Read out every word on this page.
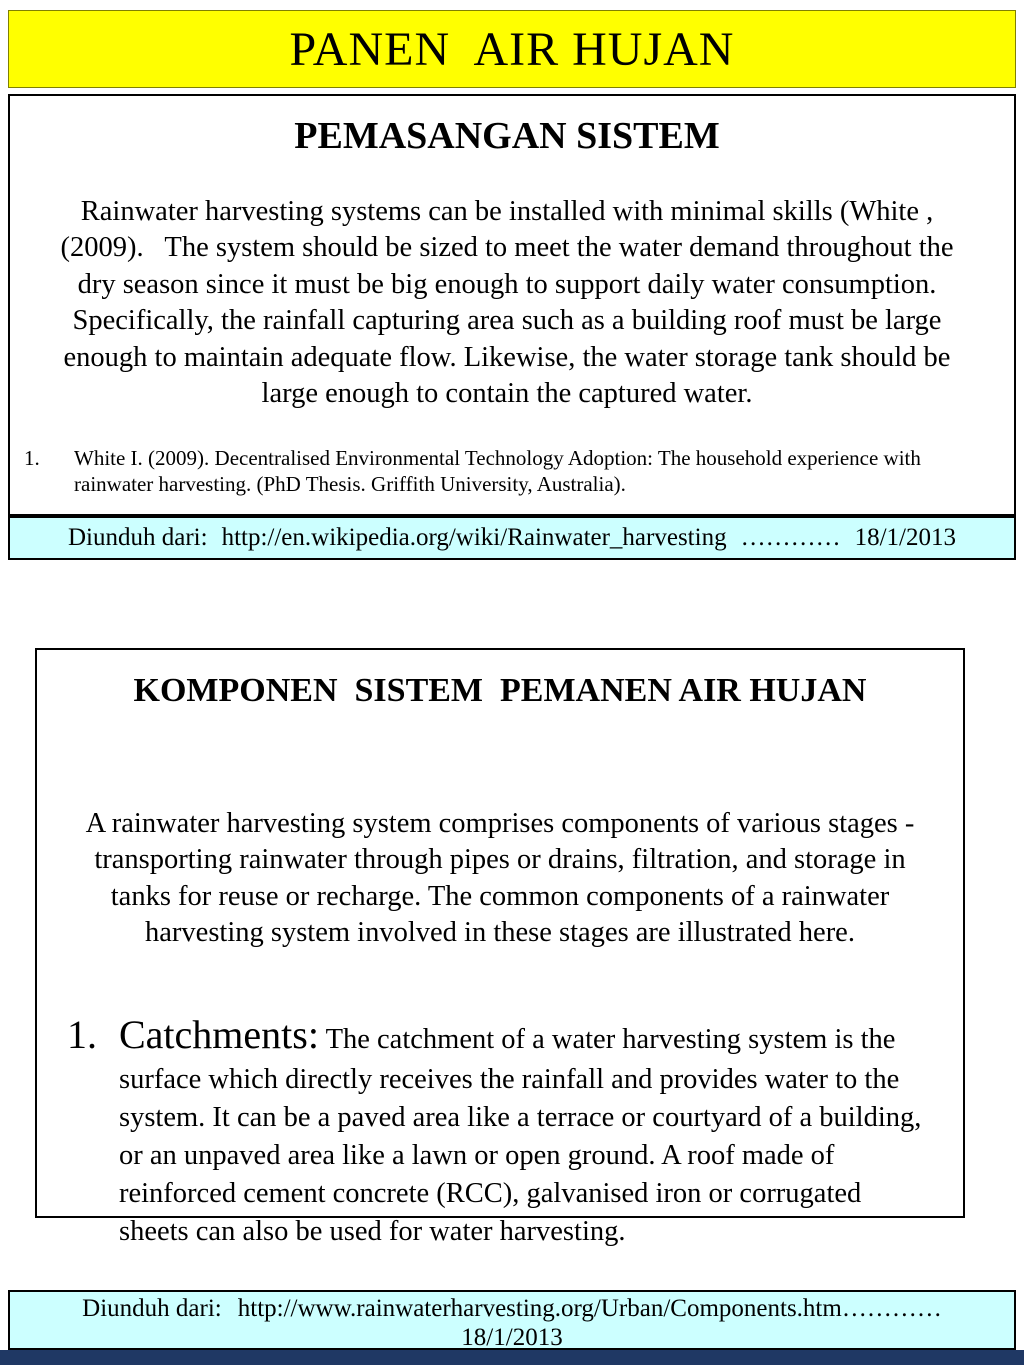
PANEN  AIR HUJAN
PEMASANGAN SISTEM

Rainwater harvesting systems can be installed with minimal skills (White , (2009).   The system should be sized to meet the water demand throughout the dry season since it must be big enough to support daily water consumption. Specifically, the rainfall capturing area such as a building roof must be large enough to maintain adequate flow. Likewise, the water storage tank should be large enough to contain the captured water.

1.	White I. (2009). Decentralised Environmental Technology Adoption: The household experience with rainwater harvesting. (PhD Thesis. Griffith University, Australia).
Diunduh dari: http://en.wikipedia.org/wiki/Rainwater_harvesting ………… 18/1/2013
KOMPONEN  SISTEM  PEMANEN AIR HUJAN

A rainwater harvesting system comprises components of various stages - transporting rainwater through pipes or drains, filtration, and storage in tanks for reuse or recharge. The common components of a rainwater harvesting system involved in these stages are illustrated here.

1. Catchments: The catchment of a water harvesting system is the surface which directly receives the rainfall and provides water to the system. It can be a paved area like a terrace or courtyard of a building, or an unpaved area like a lawn or open ground. A roof made of reinforced cement concrete (RCC), galvanised iron or corrugated sheets can also be used for water harvesting.
Diunduh dari: http://www.rainwaterharvesting.org/Urban/Components.htm…………
18/1/2013
